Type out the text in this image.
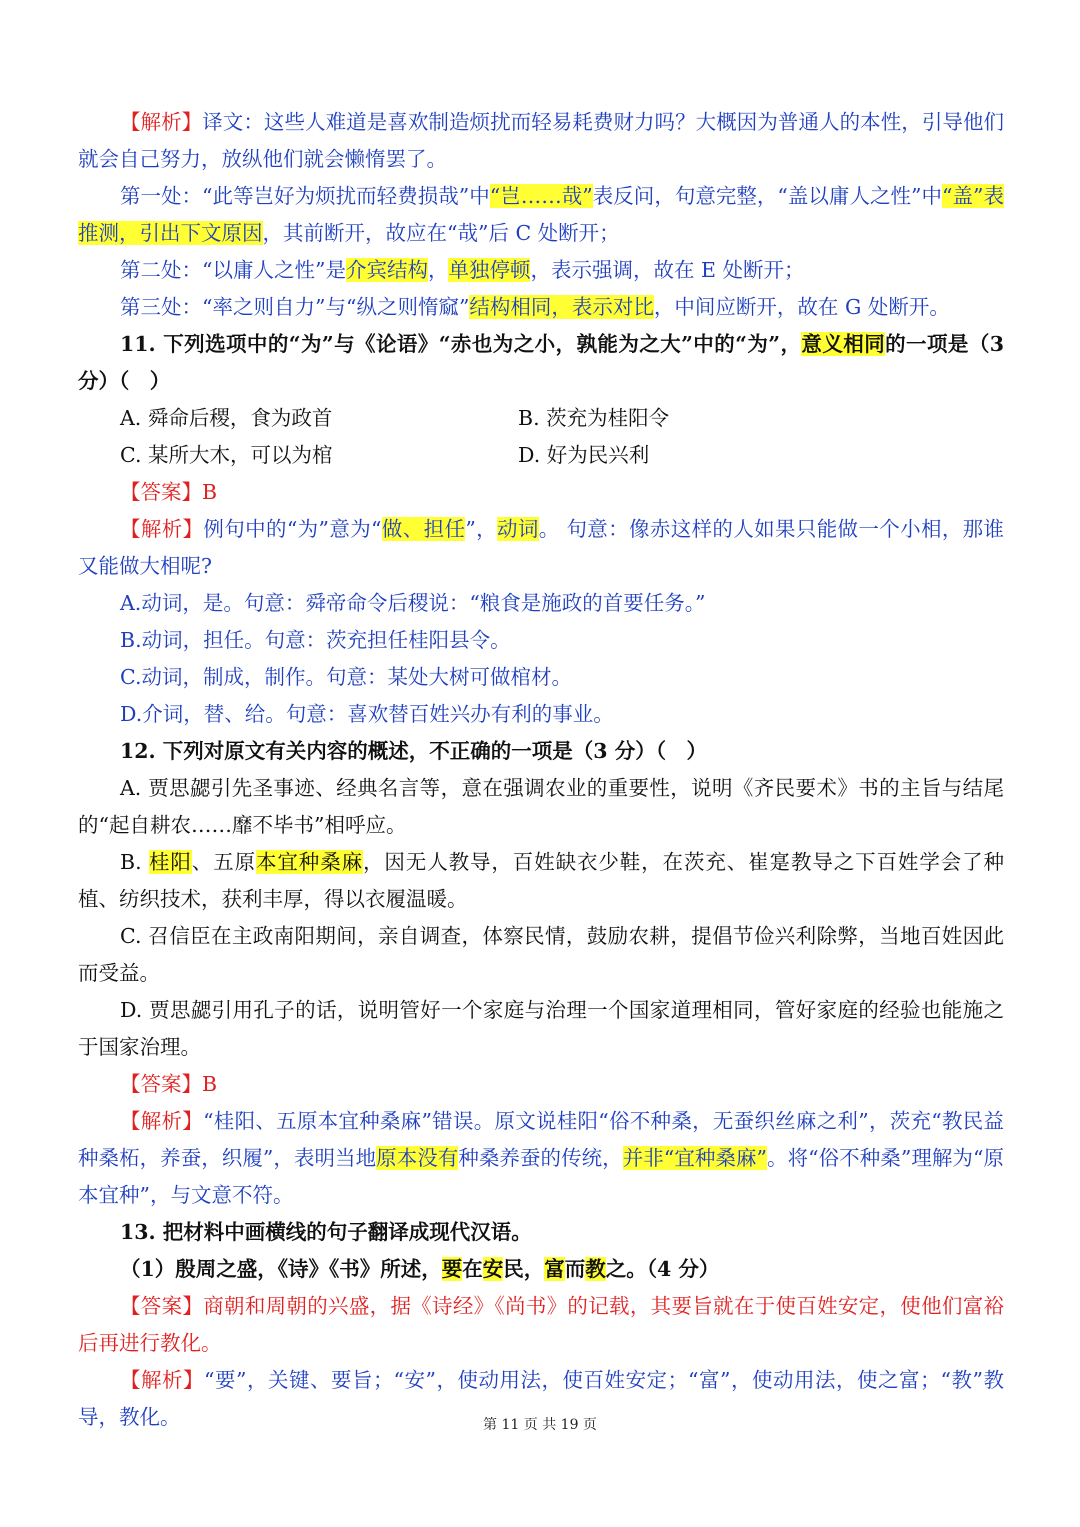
【解析】译文：这些人难道是喜欢制造烦扰而轻易耗费财力吗？大概因为普通人的本性，引导他们就会自己努力，放纵他们就会懒惰罢了。

第一处：“此等岂好为烦扰而轻费损哉”中“岂……哉”表反问，句意完整，“盖以庸人之性”中“盖”表推测，引出下文原因，其前断开，故应在“哉”后 C 处断开；

第二处：“以庸人之性”是介宾结构，单独停顿，表示强调，故在 E 处断开；

第三处：“率之则自力”与“纵之则惰窳”结构相同，表示对比，中间应断开，故在 G 处断开。

11. 下列选项中的“为”与《论语》“赤也为之小，孰能为之大”中的“为”，意义相同的一项是（3 分）（　）

A. 舜命后稷，食为政首	B. 茨充为桂阳令
C. 某所大木，可以为棺	D. 好为民兴利

【答案】B

【解析】例句中的“为”意为“做、担任”，动词。 句意：像赤这样的人如果只能做一个小相，那谁又能做大相呢?

A.动词，是。句意：舜帝命令后稷说：“粮食是施政的首要任务。”

B.动词，担任。句意：茨充担任桂阳县令。

C.动词，制成，制作。句意：某处大树可做棺材。

D.介词，替、给。句意：喜欢替百姓兴办有利的事业。

12. 下列对原文有关内容的概述，不正确的一项是（3 分）（　）

A. 贾思勰引先圣事迹、经典名言等，意在强调农业的重要性，说明《齐民要术》书的主旨与结尾的“起自耕农……靡不毕书”相呼应。

B. 桂阳、五原本宜种桑麻，因无人教导，百姓缺衣少鞋，在茨充、崔寔教导之下百姓学会了种植、纺织技术，获利丰厚，得以衣履温暖。

C. 召信臣在主政南阳期间，亲自调查，体察民情，鼓励农耕，提倡节俭兴利除弊，当地百姓因此而受益。

D. 贾思勰引用孔子的话，说明管好一个家庭与治理一个国家道理相同，管好家庭的经验也能施之于国家治理。

【答案】B

【解析】“桂阳、五原本宜种桑麻”错误。原文说桂阳“俗不种桑，无蚕织丝麻之利”，茨充“教民益种桑柘，养蚕，织履”，表明当地原本没有种桑养蚕的传统，并非“宜种桑麻”。将“俗不种桑”理解为“原本宜种”，与文意不符。

13. 把材料中画横线的句子翻译成现代汉语。

（1）殷周之盛，《诗》《书》所述，要在安民，富而教之。（4 分）

【答案】商朝和周朝的兴盛，据《诗经》《尚书》的记载，其要旨就在于使百姓安定，使他们富裕后再进行教化。

【解析】“要”，关键、要旨；“安”，使动用法，使百姓安定；“富”，使动用法，使之富；“教”教导，教化。	第 11 页 共 19 页
